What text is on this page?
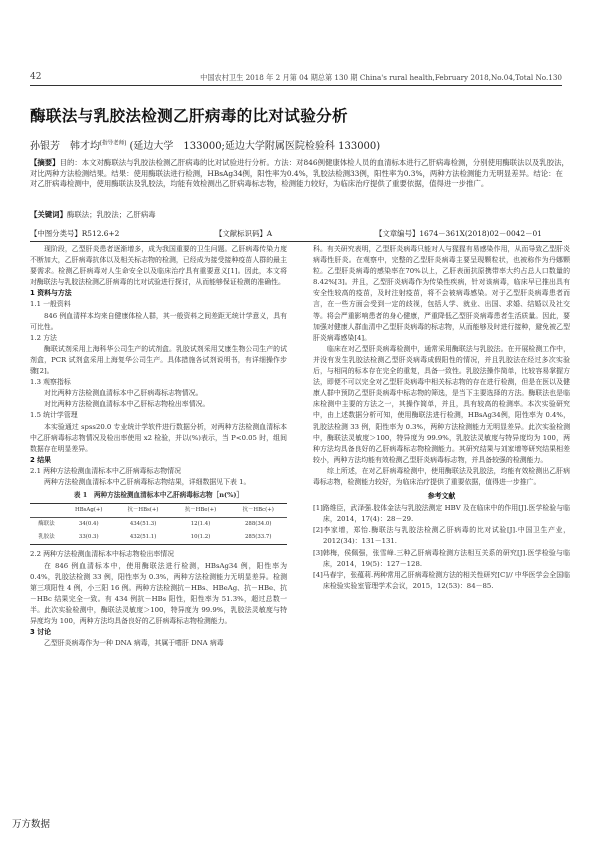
42	中国农村卫生 2018 年 2 月第 04 期总第 130 期 China's rural health,February 2018,No.04,Total No.130
酶联法与乳胶法检测乙肝病毒的比对试验分析
孙银芳　韩才均[指导老师] (延边大学　133000;延边大学附属医院检验科 133000)
【摘要】目的：本文对酶联法与乳胶法检测乙肝病毒的比对试验进行分析。方法：对846例健康体检人员的血清标本进行乙肝病毒检测，分别使用酶联法以及乳胶法，对比两种方法检测结果。结果：使用酶联法进行检测，HBsAg34例，阳性率为0.4%，乳胶法检测33例，阳性率为0.3%，两种方法检测能力无明显差异。结论：在对乙肝病毒检测中，使用酶联法及乳胶法，均能有效检测出乙肝病毒标志物，检测能力较好，为临床治疗提供了重要依据，值得进一步推广。
【关键词】酶联法；乳胶法；乙肝病毒
【中图分类号】R512.6+2	【文献标识码】A	【文章编号】1674－361X(2018)02－0042－01

现阶段，乙型肝炎患者逐渐增多，成为我国重要的卫生问题。乙肝病毒传染力度不断加大，乙肝病毒抗体以及相关标志物的检测，已经成为接受接种疫苗人群的最主要需求。检测乙肝病毒对人生命安全以及临床治疗具有重要意义[1]。因此，本文将对酶联法与乳胶法检测乙肝病毒的比对试验进行探讨，从而能够保证检测的准确性。

1 资料与方法

1.1 一般资料

846 例血清样本均来自健康体检人群，其一般资料之间差距无统计学意义，具有可比性。

1.2 方法

酶联试剂采用上海科华公司生产的试剂盒。乳胶试剂采用艾康生物公司生产的试剂盒，PCR 试剂盒采用上海复华公司生产。具体措施各试剂说明书，有详细操作步骤[2]。

1.3 观察指标

对比两种方法检测血清标本中乙肝病毒标志物情况。

对比两种方法检测血清标本中乙肝标志物检出率情况。

1.5 统计学管理

本实验通过 spss20.0 专业统计学软件进行数据分析，对两种方法检测血清标本中乙肝病毒标志物情况及检出率使用 x2 检验，并以(%)表示，当 P<0.05 时，组间数据存在明显差异。

2 结果

2.1 两种方法检测血清标本中乙肝病毒标志物情况

两种方法检测血清标本中乙肝病毒标志物结果，详细数据见下表 1。

表 1　两种方法检测血清标本中乙肝病毒标志物［n(%)］
	HBsAg(+)	抗－HBs(+)	抗－HBe(+)	抗－HBc(+)
酶联法	34(0.4)	434(51.3)	12(1.4)	288(34.0)
乳胶法	33(0.3)	432(51.1)	10(1.2)	285(33.7)

2.2 两种方法检测血清标本中标志物检出率情况

在 846 例血清标本中，使用酶联法进行检测，HBsAg34 例，阳性率为 0.4%，乳胶法检测 33 例，阳性率为 0.3%，两种方法检测能力无明显差异。检测第三项阳性 4 例，小三阳 16 例。两种方法检测抗－HBs、HBeAg、抗－HBe、抗－HBc 结果完全一致。有 434 例抗－HBs 阳性，阳性率为 51.3%，超过总数一半。此次实验检测中，酶联法灵敏度＞100，特异度为 99.9%，乳胶法灵敏度与特异度均为 100，两种方法均具备良好的乙肝病毒标志物检测能力。

3 讨论

乙型肝炎病毒作为一种 DNA 病毒，其属于嗜肝 DNA 病毒

科。有关研究表明，乙型肝炎病毒只能对人与猩猩有易感染作用，从而导致乙型肝炎病毒性肝炎。在观察中，完整的乙型肝炎病毒主要呈现颗粒状，也被称作为丹娜颗粒。乙型肝炎病毒的感染率在70%以上，乙肝表面抗原携带率大约占总人口数量的8.42%[3]。并且，乙型肝炎病毒作为传染性疾病，针对该病毒，临床早已推出具有安全性较高的疫苗，及时注射疫苗，将不会被病毒感染。对于乙型肝炎病毒患者而言，在一些方面会受到一定的歧视，包括人学、就业、出国、求婚、结婚以及社交等。将会严重影响患者的身心健康，严重降低乙型肝炎病毒患者生活质量。因此，要加强对健康人群血清中乙型肝炎病毒的标志物，从而能够及时进行接种，避免被乙型肝炎病毒感染[4]。

临床在对乙型肝炎病毒检测中，通常采用酶联法与乳胶法。在开展检测工作中，并没有发生乳胶法检测乙型肝炎病毒成假阳性的情况，并且乳胶法在经过多次实验后，与相同的标本存在完全的重复，具备一致性。乳胶法操作简单，比较容易掌握方法，即便不可以完全对乙型肝炎病毒中相关标志物的存在进行检测，但是在医以及健康人群中预防乙型肝炎病毒中标志物的筛选，是当下主要选择的方法。酶联法也是临床检测中主要的方法之一，其操作简单，并且，具有较高的检测率。本次实验研究中，由上述数据分析可知，使用酶联法进行检测，HBsAg34例，阳性率为 0.4%，乳胶法检测 33 例，阳性率为 0.3%，两种方法检测能力无明显差异。此次实验检测中，酶联法灵敏度＞100，特异度为 99.9%，乳胶法灵敏度与特异度均为 100，两种方法均具备良好的乙肝病毒标志物检测能力。其研究结果与刘家增等研究结果相差较小，两种方法均能有效检测乙型肝炎病毒标志物，并具备较强的检测能力。

综上所述，在对乙肝病毒检测中，使用酶联法及乳胶法，均能有效检测出乙肝病毒标志物，检测能力较好，为临床治疗提供了重要依据，值得进一步推广。

参考文献

[1]路维臣，武泽强.胶体金法与乳胶法测定 HBV 及在临床中的作用[J].医学检验与临床，2014，17(4)：28－29.

[2]李家增，郑怡.酶联法与乳胶法检测乙肝病毒的比对试验[J].中国卫生产业，2012(34)：131－131.

[3]韩梅，侯佩强，张雪峰.三种乙肝病毒检测方法相互关系的研究[J].医学检验与临床，2014，19(5)：127－128.

[4]马春宇，张蕴莉.两种常用乙肝病毒检测方法的相关性研究[C]// 中华医学会全国临床检验实验室管理学术会议，2015，12(53)：84－85.

万方数据
